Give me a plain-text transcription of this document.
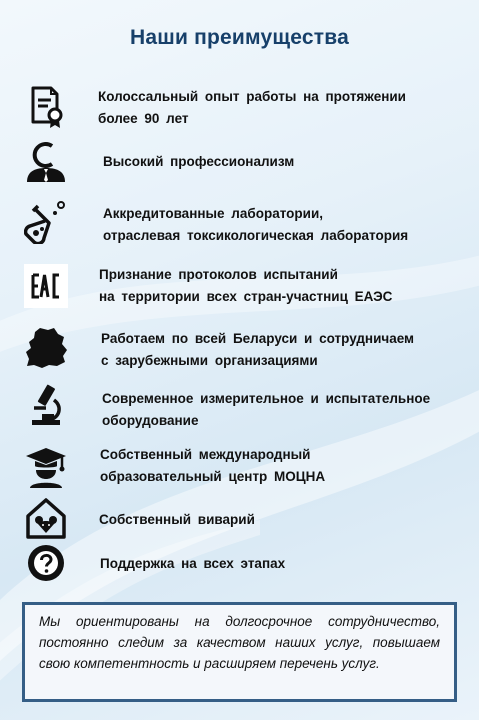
Наши преимущества
Колоссальный опыт работы на протяжении
более 90 лет
Высокий профессионализм
Аккредитованные лаборатории,
отраслевая токсикологическая лаборатория
Признание протоколов испытаний
на территории всех стран-участниц ЕАЭС
Работаем по всей Беларуси и сотрудничаем
с зарубежными организациями
Современное измерительное и испытательное
оборудование
Собственный международный
образовательный центр МОЦНА
Собственный виварий
Поддержка на всех этапах

Мы ориентированы на долгосрочное сотрудничество, постоянно следим за качеством наших услуг, повышаем свою компетентность и расширяем перечень услуг.
